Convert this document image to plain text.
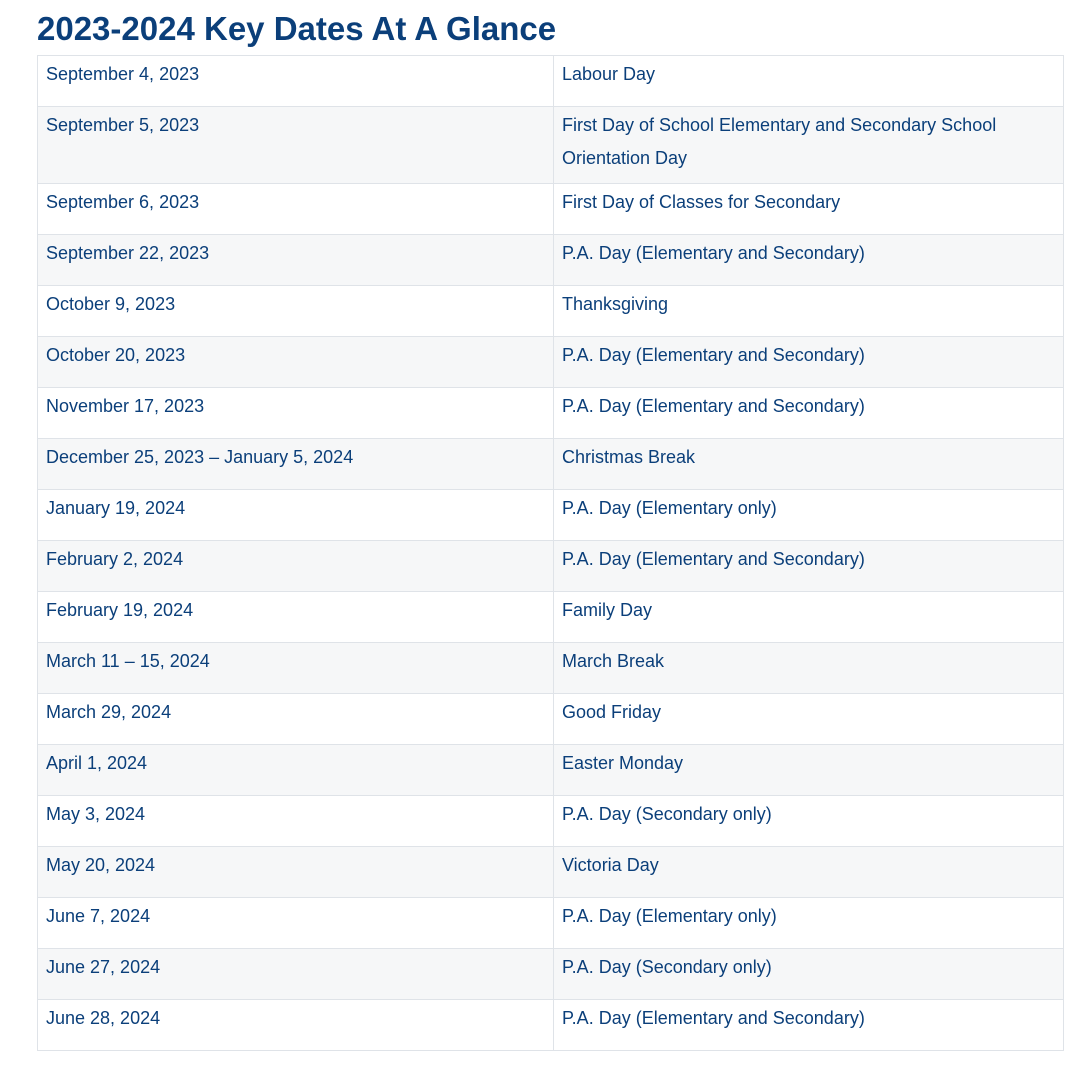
2023-2024 Key Dates At A Glance
September 4, 2023	Labour Day

September 5, 2023	First Day of School Elementary and Secondary School Orientation Day

September 6, 2023	First Day of Classes for Secondary

September 22, 2023	P.A. Day (Elementary and Secondary)

October 9, 2023	Thanksgiving

October 20, 2023	P.A. Day (Elementary and Secondary)

November 17, 2023	P.A. Day (Elementary and Secondary)

December 25, 2023 – January 5, 2024	Christmas Break

January 19, 2024	P.A. Day (Elementary only)

February 2, 2024	P.A. Day (Elementary and Secondary)

February 19, 2024	Family Day

March 11 – 15, 2024	March Break

March 29, 2024	Good Friday

April 1, 2024	Easter Monday

May 3, 2024	P.A. Day (Secondary only)

May 20, 2024	Victoria Day

June 7, 2024	P.A. Day (Elementary only)

June 27, 2024	P.A. Day (Secondary only)

June 28, 2024	P.A. Day (Elementary and Secondary)
